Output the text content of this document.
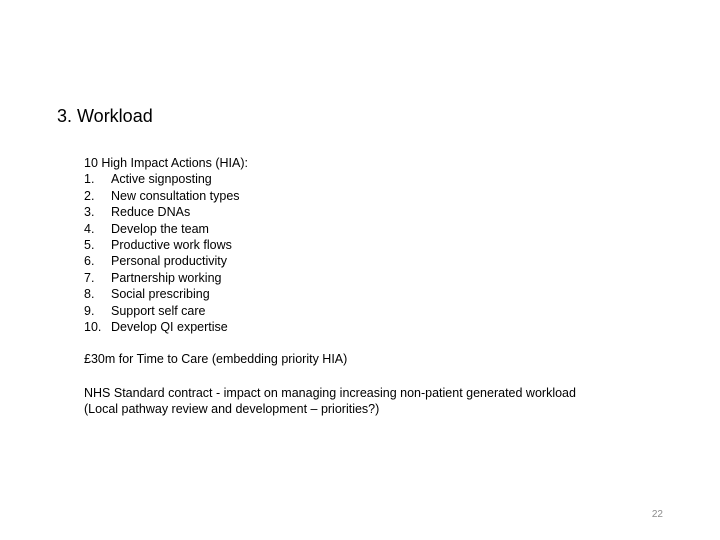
3. Workload

10 High Impact Actions (HIA):

1.	Active signposting
2.	New consultation types
3.	Reduce DNAs
4.	Develop the team
5.	Productive work flows
6.	Personal productivity
7.	Partnership working
8.	Social prescribing
9.	Support self care
10. Develop QI expertise

£30m for Time to Care (embedding priority HIA)

NHS Standard contract - impact on managing increasing non-patient generated workload
(Local pathway review and development – priorities?)

22
